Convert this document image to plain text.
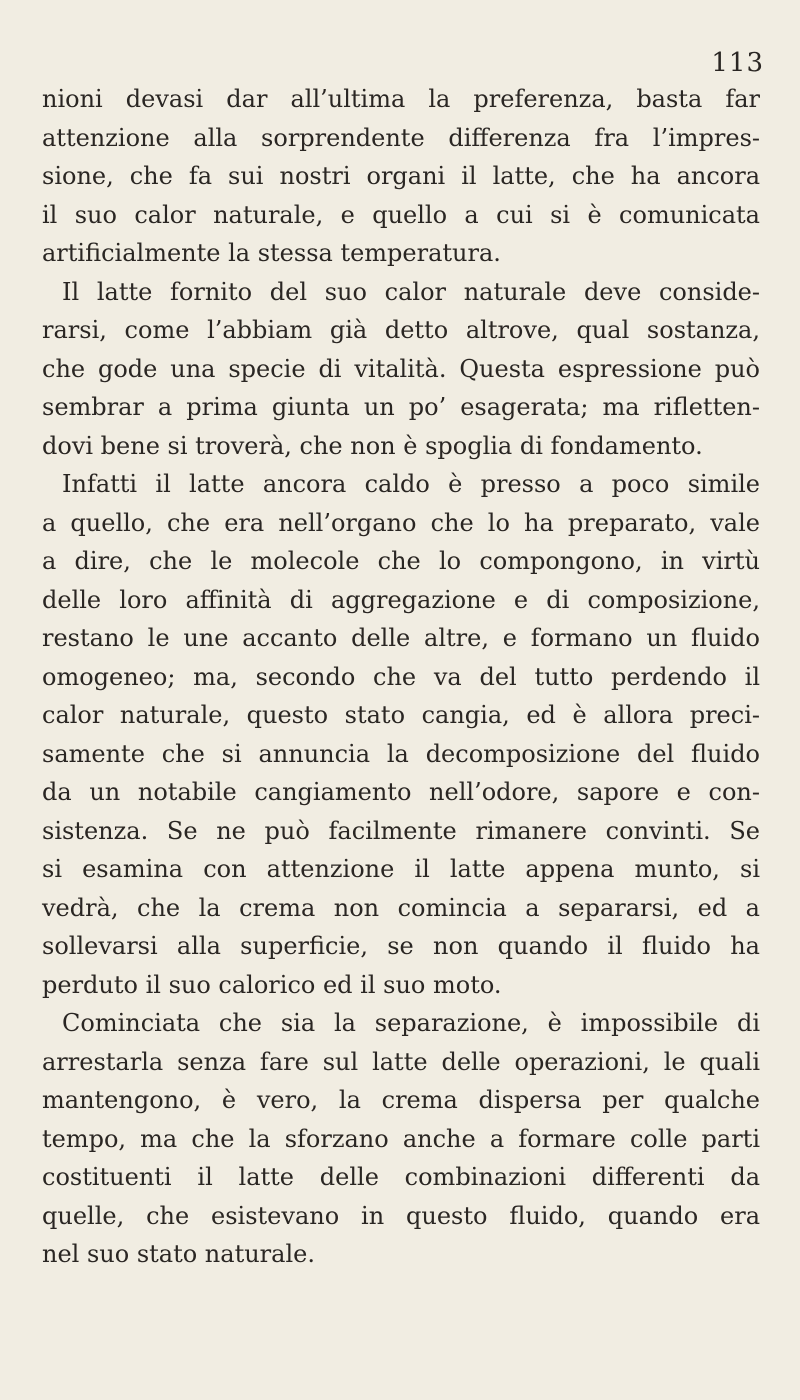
113
nioni devasi dar all’ultima la preferenza, basta far
attenzione alla sorprendente differenza fra l’impres-
sione, che fa sui nostri organi il latte, che ha ancora
il suo calor naturale, e quello a cui si è comunicata
artificialmente la stessa temperatura.
Il latte fornito del suo calor naturale deve conside-
rarsi, come l’abbiam già detto altrove, qual sostanza,
che gode una specie di vitalità. Questa espressione può
sembrar a prima giunta un po’ esagerata; ma rifletten-
dovi bene si troverà, che non è spoglia di fondamento.
Infatti il latte ancora caldo è presso a poco simile
a quello, che era nell’organo che lo ha preparato, vale
a dire, che le molecole che lo compongono, in virtù
delle loro affinità di aggregazione e di composizione,
restano le une accanto delle altre, e formano un fluido
omogeneo; ma, secondo che va del tutto perdendo il
calor naturale, questo stato cangia, ed è allora preci-
samente che si annuncia la decomposizione del fluido
da un notabile cangiamento nell’odore, sapore e con-
sistenza. Se ne può facilmente rimanere convinti. Se
si esamina con attenzione il latte appena munto, si
vedrà, che la crema non comincia a separarsi, ed a
sollevarsi alla superficie, se non quando il fluido ha
perduto il suo calorico ed il suo moto.
Cominciata che sia la separazione, è impossibile di
arrestarla senza fare sul latte delle operazioni, le quali
mantengono, è vero, la crema dispersa per qualche
tempo, ma che la sforzano anche a formare colle parti
costituenti il latte delle combinazioni differenti da
quelle, che esistevano in questo fluido, quando era
nel suo stato naturale.
